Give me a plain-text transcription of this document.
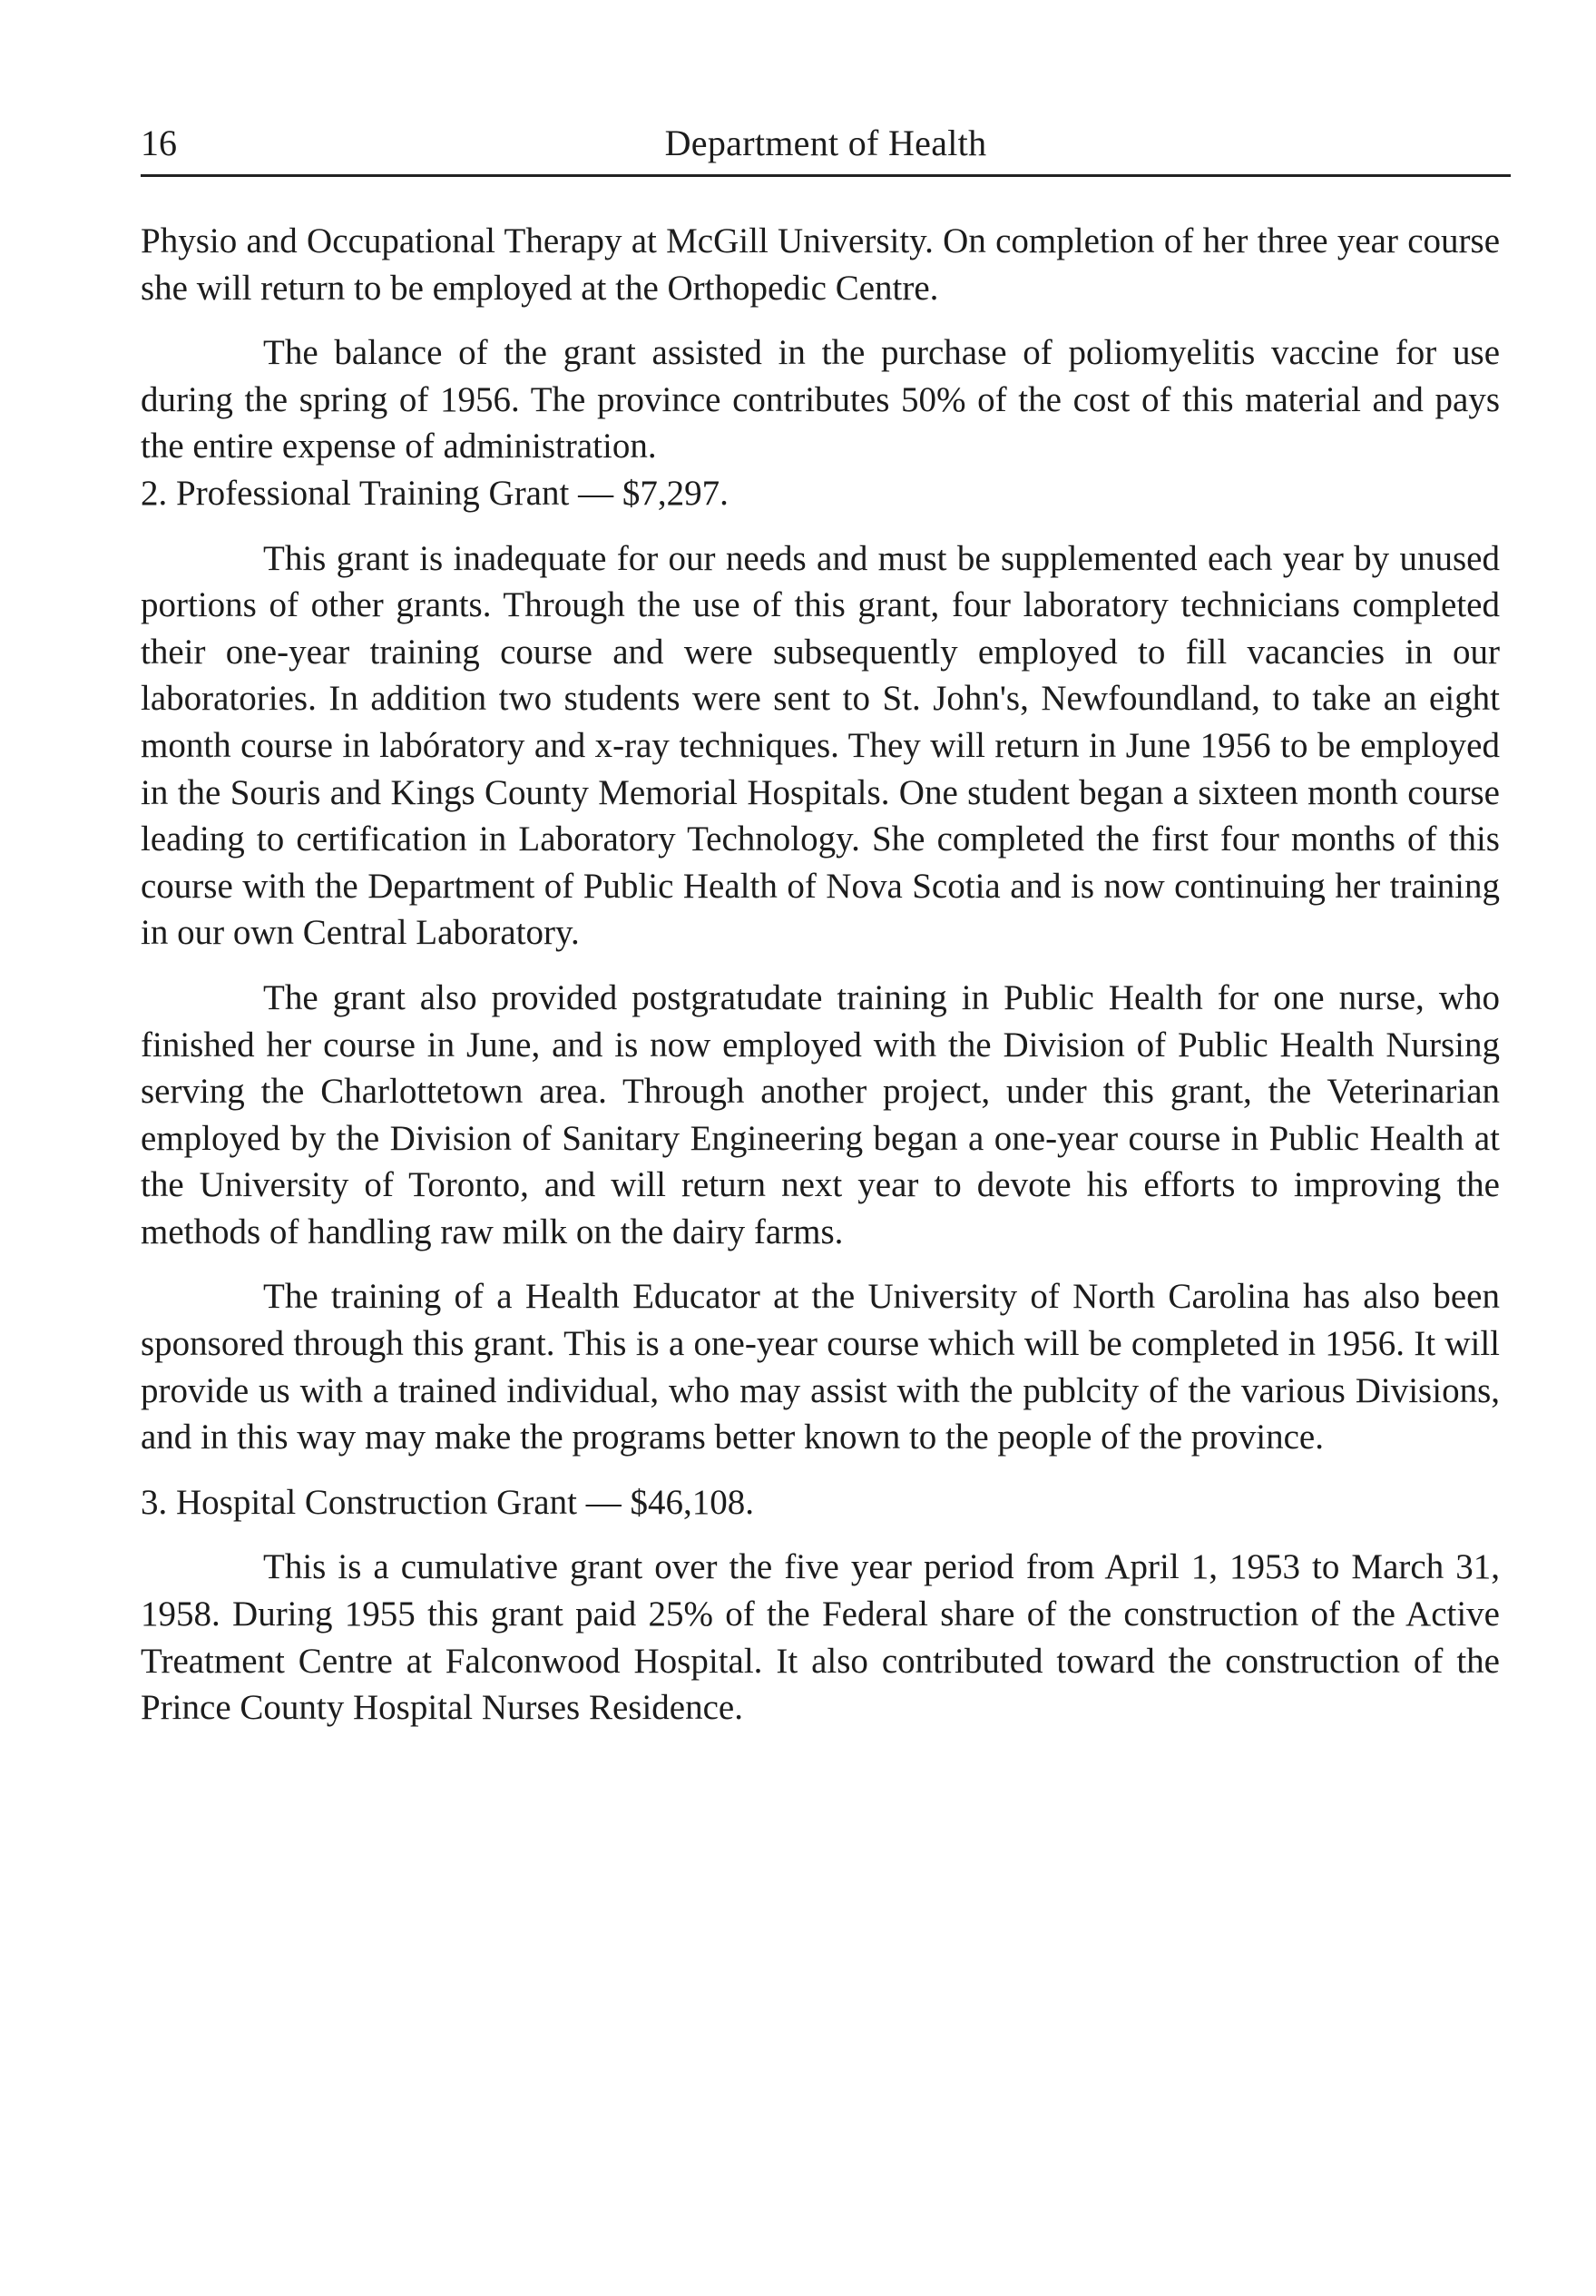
16	Department of Health

Physio and Occupational Therapy at McGill University. On completion of her three year course she will return to be employed at the Orthopedic Centre.

The balance of the grant assisted in the purchase of poliomyelitis vaccine for use during the spring of 1956. The province contributes 50% of the cost of this material and pays the entire expense of administration.

2. Professional Training Grant — $7,297.

This grant is inadequate for our needs and must be supplemented each year by unused portions of other grants. Through the use of this grant, four laboratory technicians completed their one-year training course and were subsequently employed to fill vacancies in our laboratories. In addition two students were sent to St. John's, Newfoundland, to take an eight month course in labóratory and x-ray techniques. They will return in June 1956 to be employed in the Souris and Kings County Memorial Hospitals. One student began a sixteen month course leading to certification in Laboratory Technology. She completed the first four months of this course with the Department of Public Health of Nova Scotia and is now continuing her training in our own Central Laboratory.

The grant also provided postgratudate training in Public Health for one nurse, who finished her course in June, and is now employed with the Division of Public Health Nursing serving the Charlottetown area. Through another project, under this grant, the Veterinarian employed by the Division of Sanitary Engineering began a one-year course in Public Health at the University of Toronto, and will return next year to devote his efforts to improving the methods of handling raw milk on the dairy farms.

The training of a Health Educator at the University of North Carolina has also been sponsored through this grant. This is a one-year course which will be completed in 1956. It will provide us with a trained individual, who may assist with the publcity of the various Divisions, and in this way may make the programs better known to the people of the province.

3. Hospital Construction Grant — $46,108.

This is a cumulative grant over the five year period from April 1, 1953 to March 31, 1958. During 1955 this grant paid 25% of the Federal share of the construction of the Active Treatment Centre at Falconwood Hospital. It also contributed toward the construction of the Prince County Hospital Nurses Residence.
